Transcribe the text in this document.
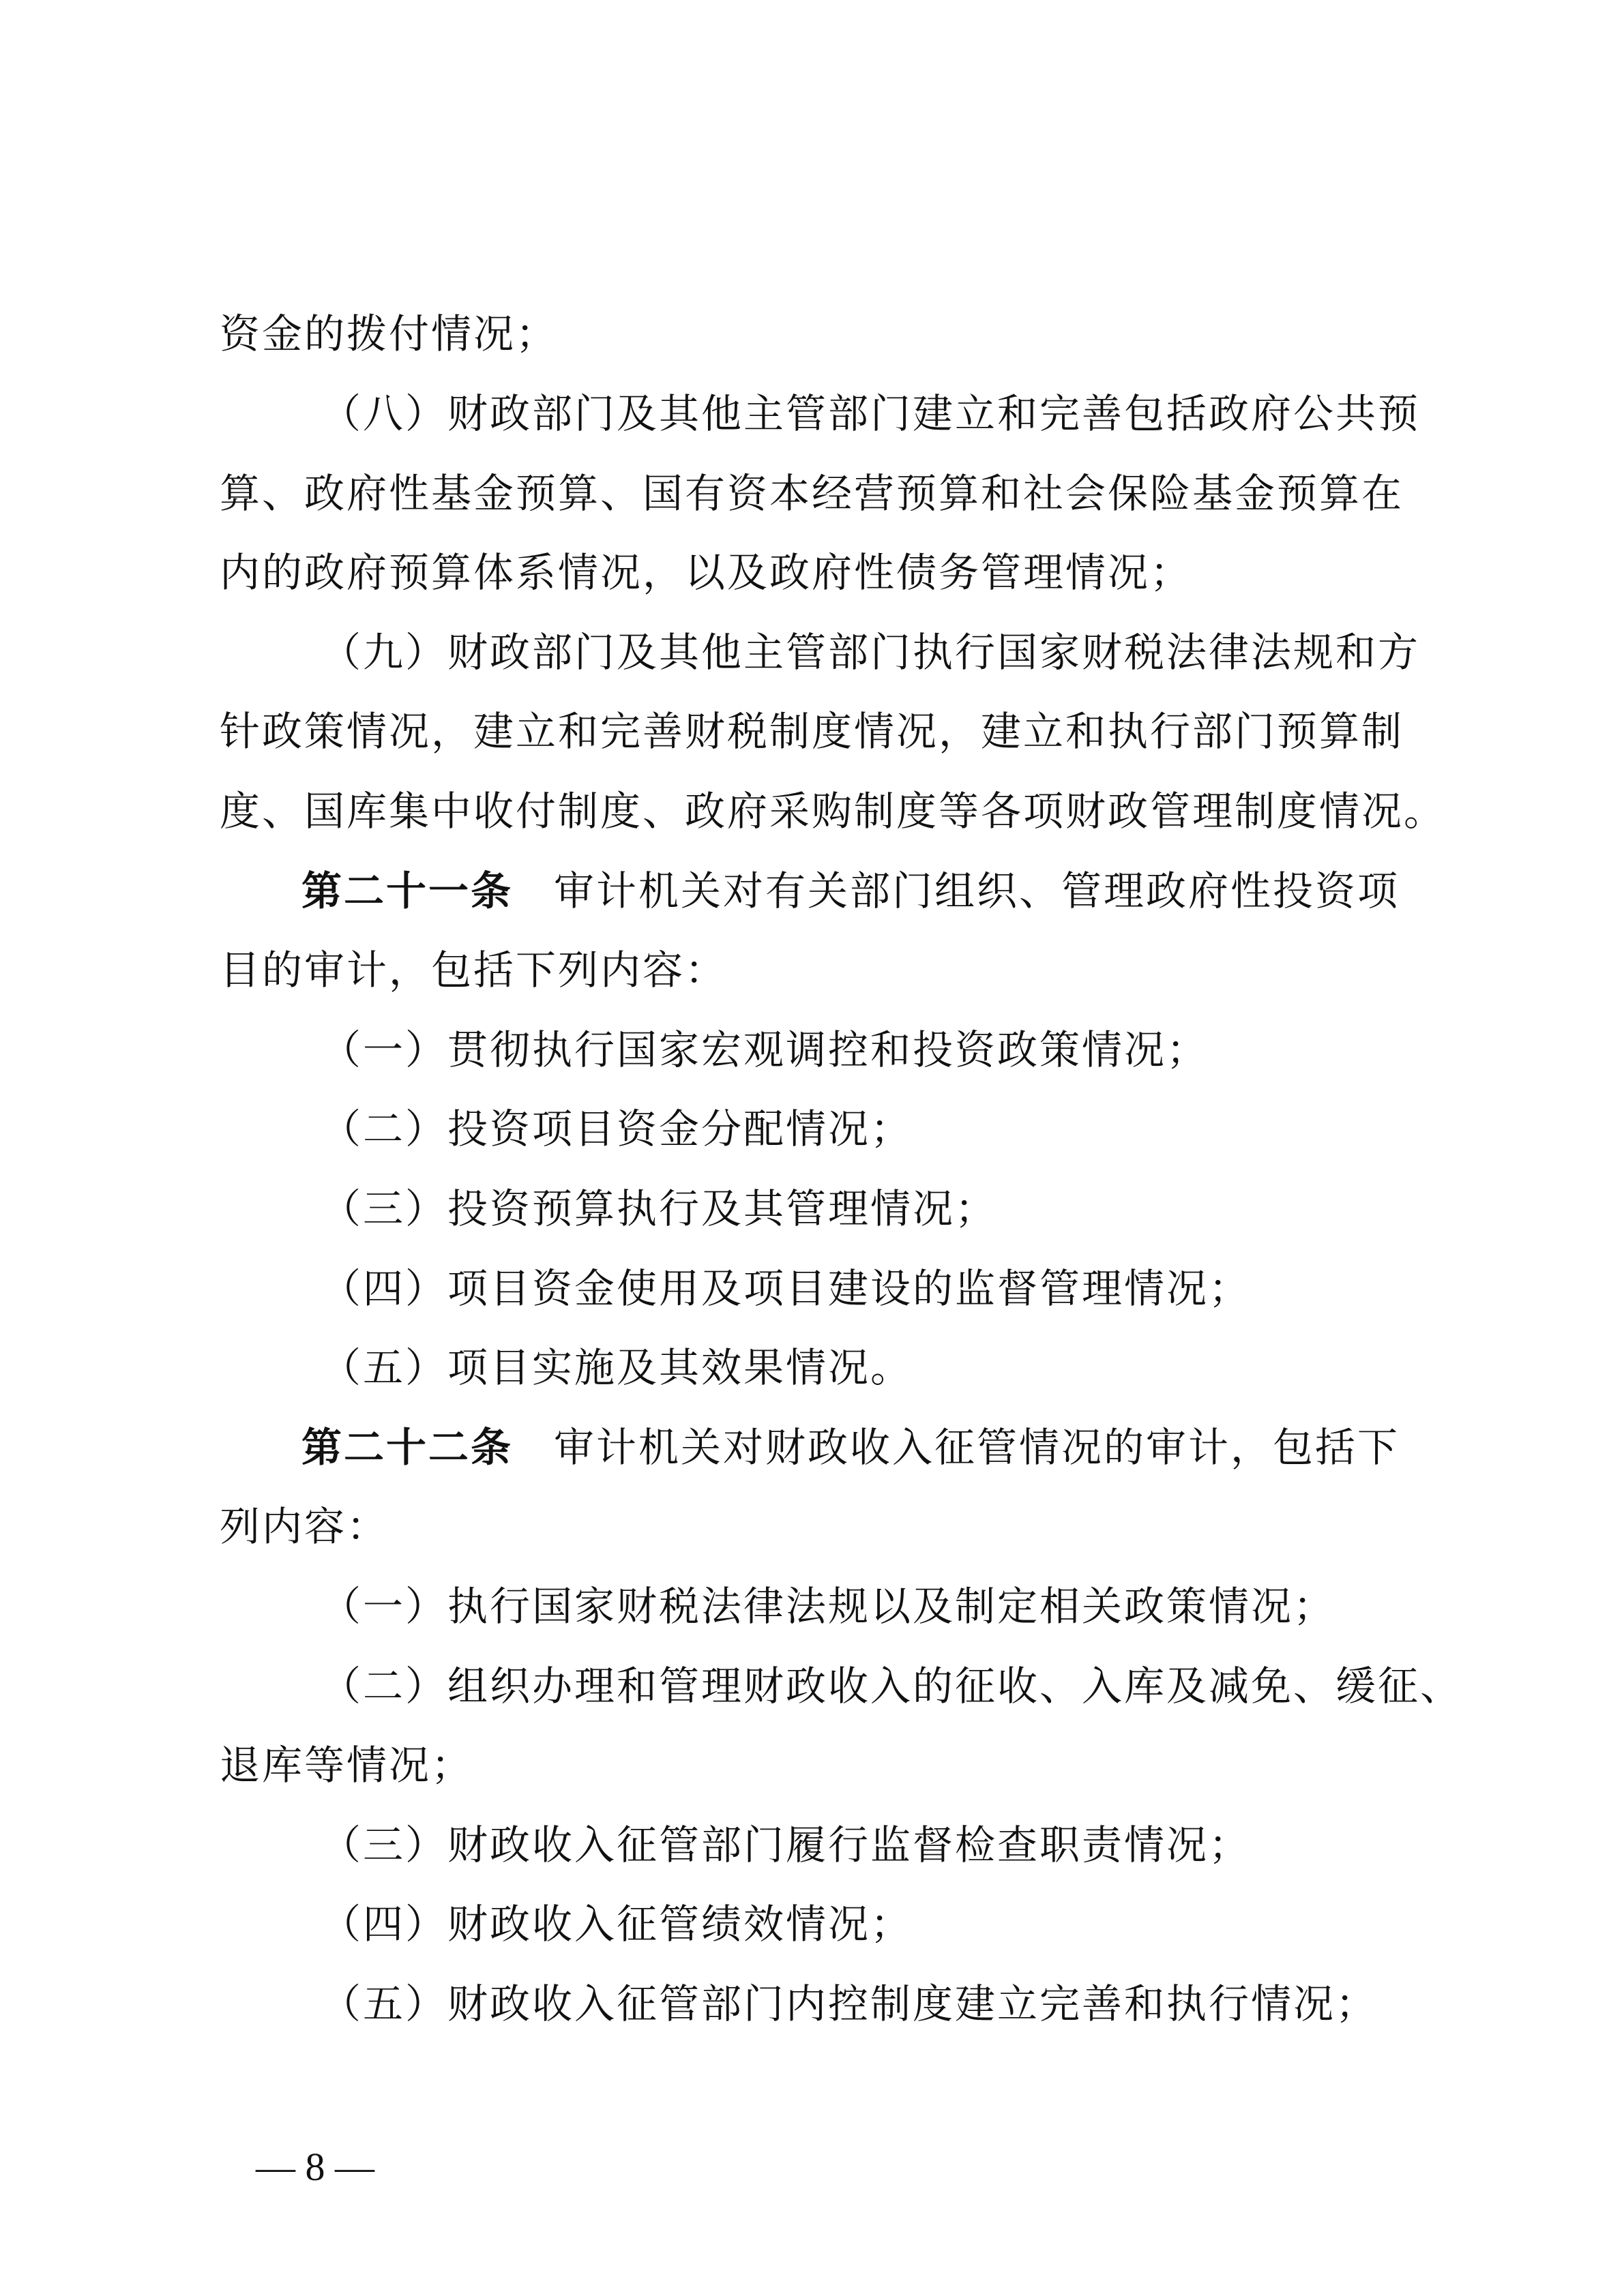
资金的拨付情况；
（八）财政部门及其他主管部门建立和完善包括政府公共预
算、政府性基金预算、国有资本经营预算和社会保险基金预算在
内的政府预算体系情况，以及政府性债务管理情况；
（九）财政部门及其他主管部门执行国家财税法律法规和方
针政策情况，建立和完善财税制度情况，建立和执行部门预算制
度、国库集中收付制度、政府采购制度等各项财政管理制度情况。
第二十一条 审计机关对有关部门组织、管理政府性投资项
目的审计，包括下列内容：
（一）贯彻执行国家宏观调控和投资政策情况；
（二）投资项目资金分配情况；
（三）投资预算执行及其管理情况；
（四）项目资金使用及项目建设的监督管理情况；
（五）项目实施及其效果情况。
第二十二条 审计机关对财政收入征管情况的审计，包括下
列内容：
（一）执行国家财税法律法规以及制定相关政策情况；
（二）组织办理和管理财政收入的征收、入库及减免、缓征、
退库等情况；
（三）财政收入征管部门履行监督检查职责情况；
（四）财政收入征管绩效情况；
（五）财政收入征管部门内控制度建立完善和执行情况；
— 8 —
